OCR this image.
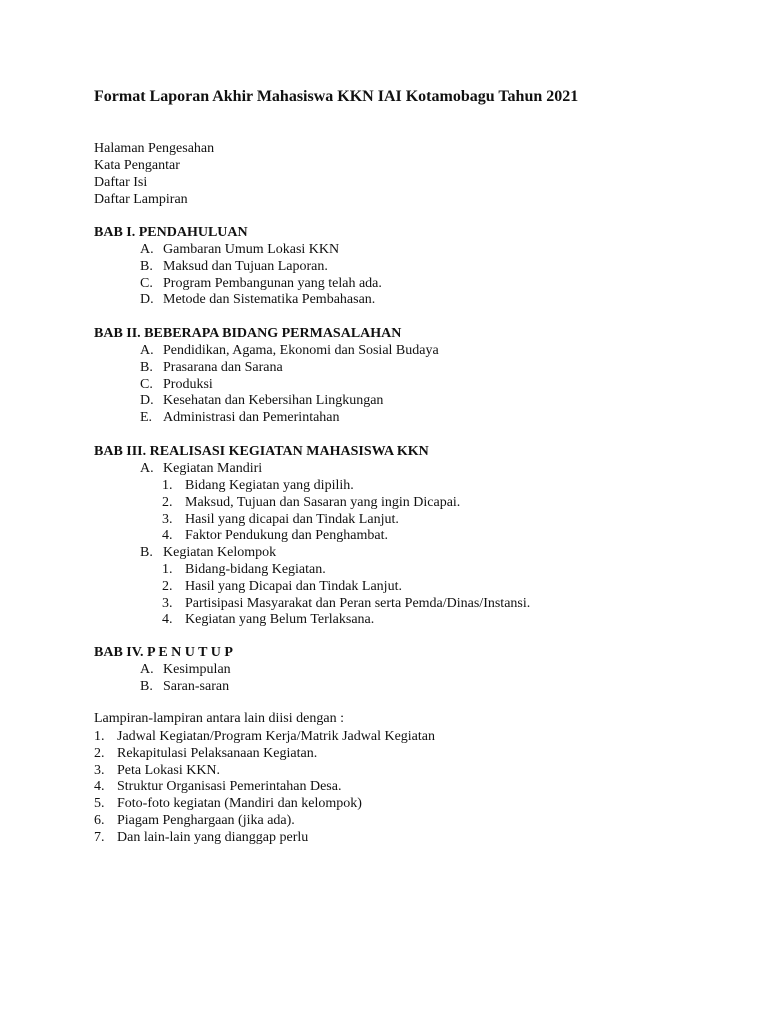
Format Laporan Akhir Mahasiswa KKN IAI Kotamobagu Tahun 2021
Halaman Pengesahan
Kata Pengantar
Daftar Isi
Daftar Lampiran
BAB I. PENDAHULUAN
A. Gambaran Umum Lokasi KKN
B. Maksud dan Tujuan Laporan.
C. Program Pembangunan yang telah ada.
D. Metode dan Sistematika Pembahasan.
BAB II. BEBERAPA BIDANG PERMASALAHAN
A. Pendidikan, Agama, Ekonomi dan Sosial Budaya
B. Prasarana dan Sarana
C. Produksi
D. Kesehatan dan Kebersihan Lingkungan
E. Administrasi dan Pemerintahan
BAB III. REALISASI KEGIATAN MAHASISWA KKN
A. Kegiatan Mandiri
1. Bidang Kegiatan yang dipilih.
2. Maksud, Tujuan dan Sasaran yang ingin Dicapai.
3. Hasil yang dicapai dan Tindak Lanjut.
4. Faktor Pendukung dan Penghambat.
B. Kegiatan Kelompok
1. Bidang-bidang Kegiatan.
2. Hasil yang Dicapai dan Tindak Lanjut.
3. Partisipasi Masyarakat dan Peran serta Pemda/Dinas/Instansi.
4. Kegiatan yang Belum Terlaksana.
BAB IV. P E N U T U P
A. Kesimpulan
B. Saran-saran
Lampiran-lampiran antara lain diisi dengan :
1. Jadwal Kegiatan/Program Kerja/Matrik Jadwal Kegiatan
2. Rekapitulasi Pelaksanaan Kegiatan.
3. Peta Lokasi KKN.
4. Struktur Organisasi Pemerintahan Desa.
5. Foto-foto kegiatan (Mandiri dan kelompok)
6. Piagam Penghargaan (jika ada).
7. Dan lain-lain yang dianggap perlu
